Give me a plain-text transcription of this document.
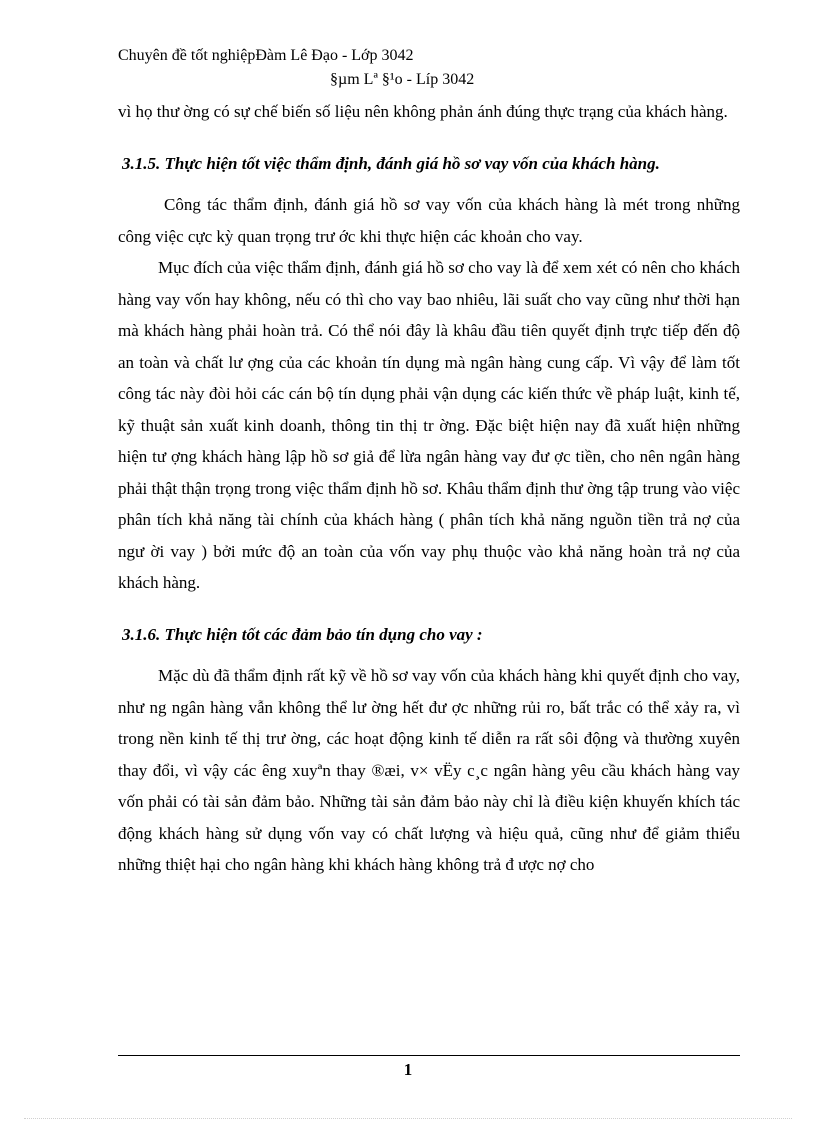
Chuyên đề tốt nghiệpĐàm Lê Đạo - Lớp 3042
§µm Lª §¹o - Líp 3042

vì họ thư ờng có sự chế biến số liệu nên không phản ánh đúng thực trạng của khách hàng.

3.1.5. Thực hiện tốt việc thẩm định, đánh giá hồ sơ vay vốn của khách hàng.

Công tác thẩm định, đánh giá hồ sơ vay vốn của khách hàng là mét trong những công việc cực kỳ quan trọng trư ớc khi thực hiện các khoản cho vay.

Mục đích của việc thẩm định, đánh giá hồ sơ cho vay là để xem xét có nên cho khách hàng vay vốn hay không, nếu có thì cho vay bao nhiêu, lãi suất cho vay cũng như thời hạn mà khách hàng phải hoàn trả. Có thể nói đây là khâu đầu tiên quyết định trực tiếp đến độ an toàn và chất lư ợng của các khoản tín dụng mà ngân hàng cung cấp. Vì vậy để làm tốt công tác này đòi hỏi các cán bộ tín dụng phải vận dụng các kiến thức về pháp luật, kinh tế, kỹ thuật sản xuất kinh doanh, thông tin thị tr ờng. Đặc biệt hiện nay đã xuất hiện những hiện tư ợng khách hàng lập hồ sơ giả để lừa ngân hàng vay đư ợc tiền, cho nên ngân hàng phải thật thận trọng trong việc thẩm định hồ sơ. Khâu thẩm định thư ờng tập trung vào việc phân tích khả năng tài chính của khách hàng ( phân tích khả năng nguồn tiền trả nợ của ngư ời vay ) bởi mức độ an toàn của vốn vay phụ thuộc vào khả năng hoàn trả nợ của khách hàng.

3.1.6. Thực hiện tốt các đảm bảo tín dụng cho vay :

Mặc dù đã thẩm định rất kỹ về hồ sơ vay vốn của khách hàng khi quyết định cho vay, như ng ngân hàng vẫn không thể lư ờng hết đư ợc những rủi ro, bất trắc có thể xảy ra, vì trong nền kinh tế thị trư ờng, các hoạt động kinh tế diễn ra rất sôi động và thường xuyên thay đổi, vì vậy các êng xuyªn thay ®æi, v× vËy c¸c ngân hàng yêu cầu khách hàng vay vốn phải có tài sản đảm bảo. Những tài sản đảm bảo này chỉ là điều kiện khuyến khích tác động khách hàng sử dụng vốn vay có chất lượng và hiệu quả, cũng như để giảm thiểu những thiệt hại cho ngân hàng khi khách hàng không trả đ ược nợ cho

1
